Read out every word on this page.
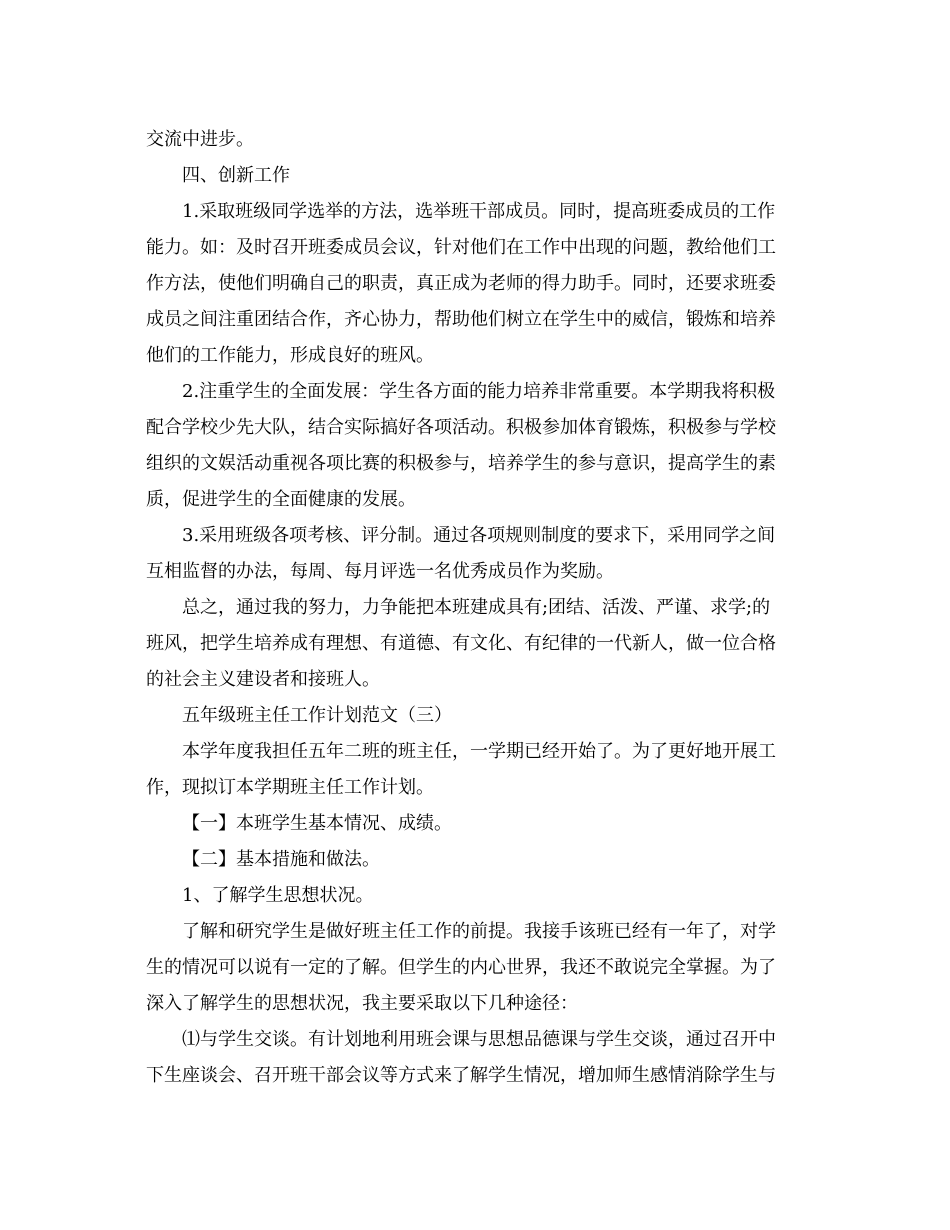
交流中进步。
四、创新工作
1.采取班级同学选举的方法，选举班干部成员。同时，提高班委成员的工作
能力。如：及时召开班委成员会议，针对他们在工作中出现的问题，教给他们工
作方法，使他们明确自己的职责，真正成为老师的得力助手。同时，还要求班委
成员之间注重团结合作，齐心协力，帮助他们树立在学生中的威信，锻炼和培养
他们的工作能力，形成良好的班风。
2.注重学生的全面发展：学生各方面的能力培养非常重要。本学期我将积极
配合学校少先大队，结合实际搞好各项活动。积极参加体育锻炼，积极参与学校
组织的文娱活动重视各项比赛的积极参与，培养学生的参与意识，提高学生的素
质，促进学生的全面健康的发展。
3.采用班级各项考核、评分制。通过各项规则制度的要求下，采用同学之间
互相监督的办法，每周、每月评选一名优秀成员作为奖励。
总之，通过我的努力，力争能把本班建成具有;团结、活泼、严谨、求学;的
班风，把学生培养成有理想、有道德、有文化、有纪律的一代新人，做一位合格
的社会主义建设者和接班人。
五年级班主任工作计划范文（三）
本学年度我担任五年二班的班主任，一学期已经开始了。为了更好地开展工
作，现拟订本学期班主任工作计划。
【一】本班学生基本情况、成绩。
【二】基本措施和做法。
1、了解学生思想状况。
了解和研究学生是做好班主任工作的前提。我接手该班已经有一年了，对学
生的情况可以说有一定的了解。但学生的内心世界，我还不敢说完全掌握。为了
深入了解学生的思想状况，我主要采取以下几种途径：
⑴与学生交谈。有计划地利用班会课与思想品德课与学生交谈，通过召开中
下生座谈会、召开班干部会议等方式来了解学生情况，增加师生感情消除学生与
